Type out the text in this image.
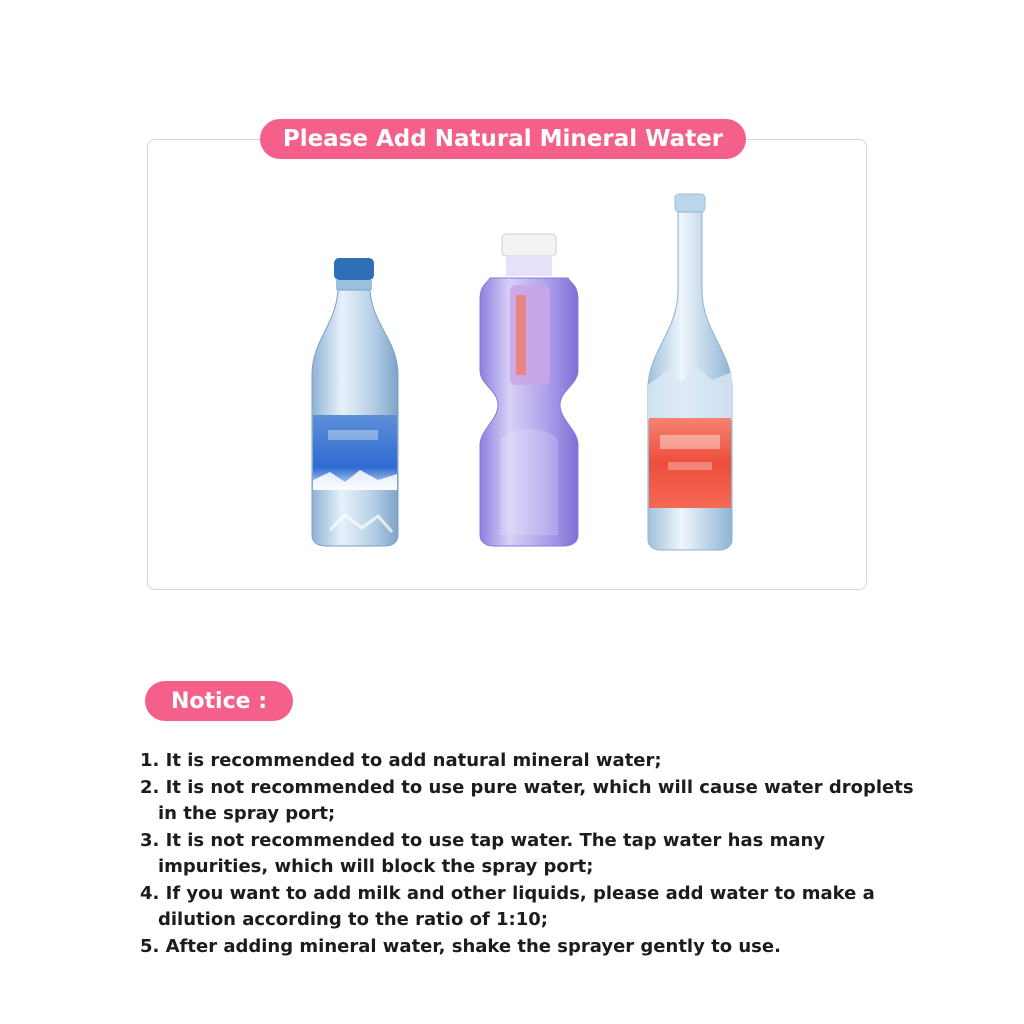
Please Add Natural Mineral Water
Notice :
1. It is recommended to add natural mineral water;
2. It is not recommended to use pure water, which will cause water droplets in the spray port;
3. It is not recommended to use tap water. The tap water has many impurities, which will block the spray port;
4. If you want to add milk and other liquids, please add water to make a dilution according to the ratio of 1:10;
5. After adding mineral water, shake the sprayer gently to use.
